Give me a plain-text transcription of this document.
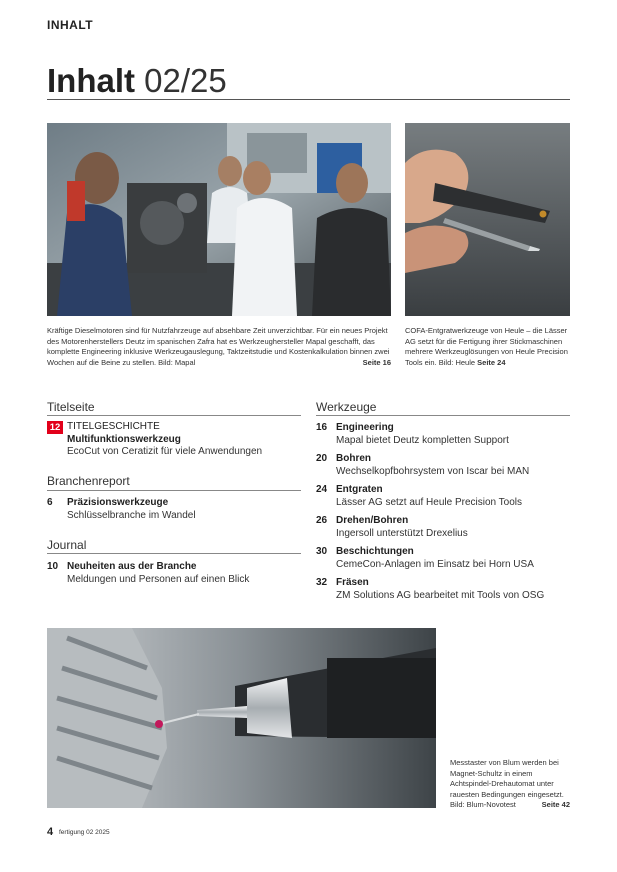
INHALT
Inhalt 02/25
Kräftige Dieselmotoren sind für Nutzfahrzeuge auf absehbare Zeit unverzichtbar. Für ein neues Projekt des Motorenherstellers Deutz im spanischen Zafra hat es Werkzeughersteller Mapal geschafft, das komplette Engineering inklusive Werkzeugauslegung, Taktzeitstudie und Kostenkalkulation binnen zwei Wochen auf die Beine zu stellen. Bild: Mapal	Seite 16
COFA-Entgratwerkzeuge von Heule – die Lässer AG setzt für die Fertigung ihrer Stickmaschinen mehrere Werkzeuglösungen von Heule Precision Tools ein. Bild: Heule Seite 24
Titelseite
12 TITELGESCHICHTE
Multifunktionswerkzeug
EcoCut von Ceratizit für viele Anwendungen
Branchenreport
6 Präzisionswerkzeuge
Schlüsselbranche im Wandel
Journal
10 Neuheiten aus der Branche
Meldungen und Personen auf einen Blick
Werkzeuge
16 Engineering
Mapal bietet Deutz kompletten Support
20 Bohren
Wechselkopfbohrsystem von Iscar bei MAN
24 Entgraten
Lässer AG setzt auf Heule Precision Tools
26 Drehen/Bohren
Ingersoll unterstützt Drexelius
30 Beschichtungen
CemeCon-Anlagen im Einsatz bei Horn USA
32 Fräsen
ZM Solutions AG bearbeitet mit Tools von OSG
Messtaster von Blum werden bei Magnet-Schultz in einem Achtspindel-Drehautomat unter rauesten Bedingungen eingesetzt. Bild: Blum-Novotest	Seite 42
4 fertigung 02 2025
